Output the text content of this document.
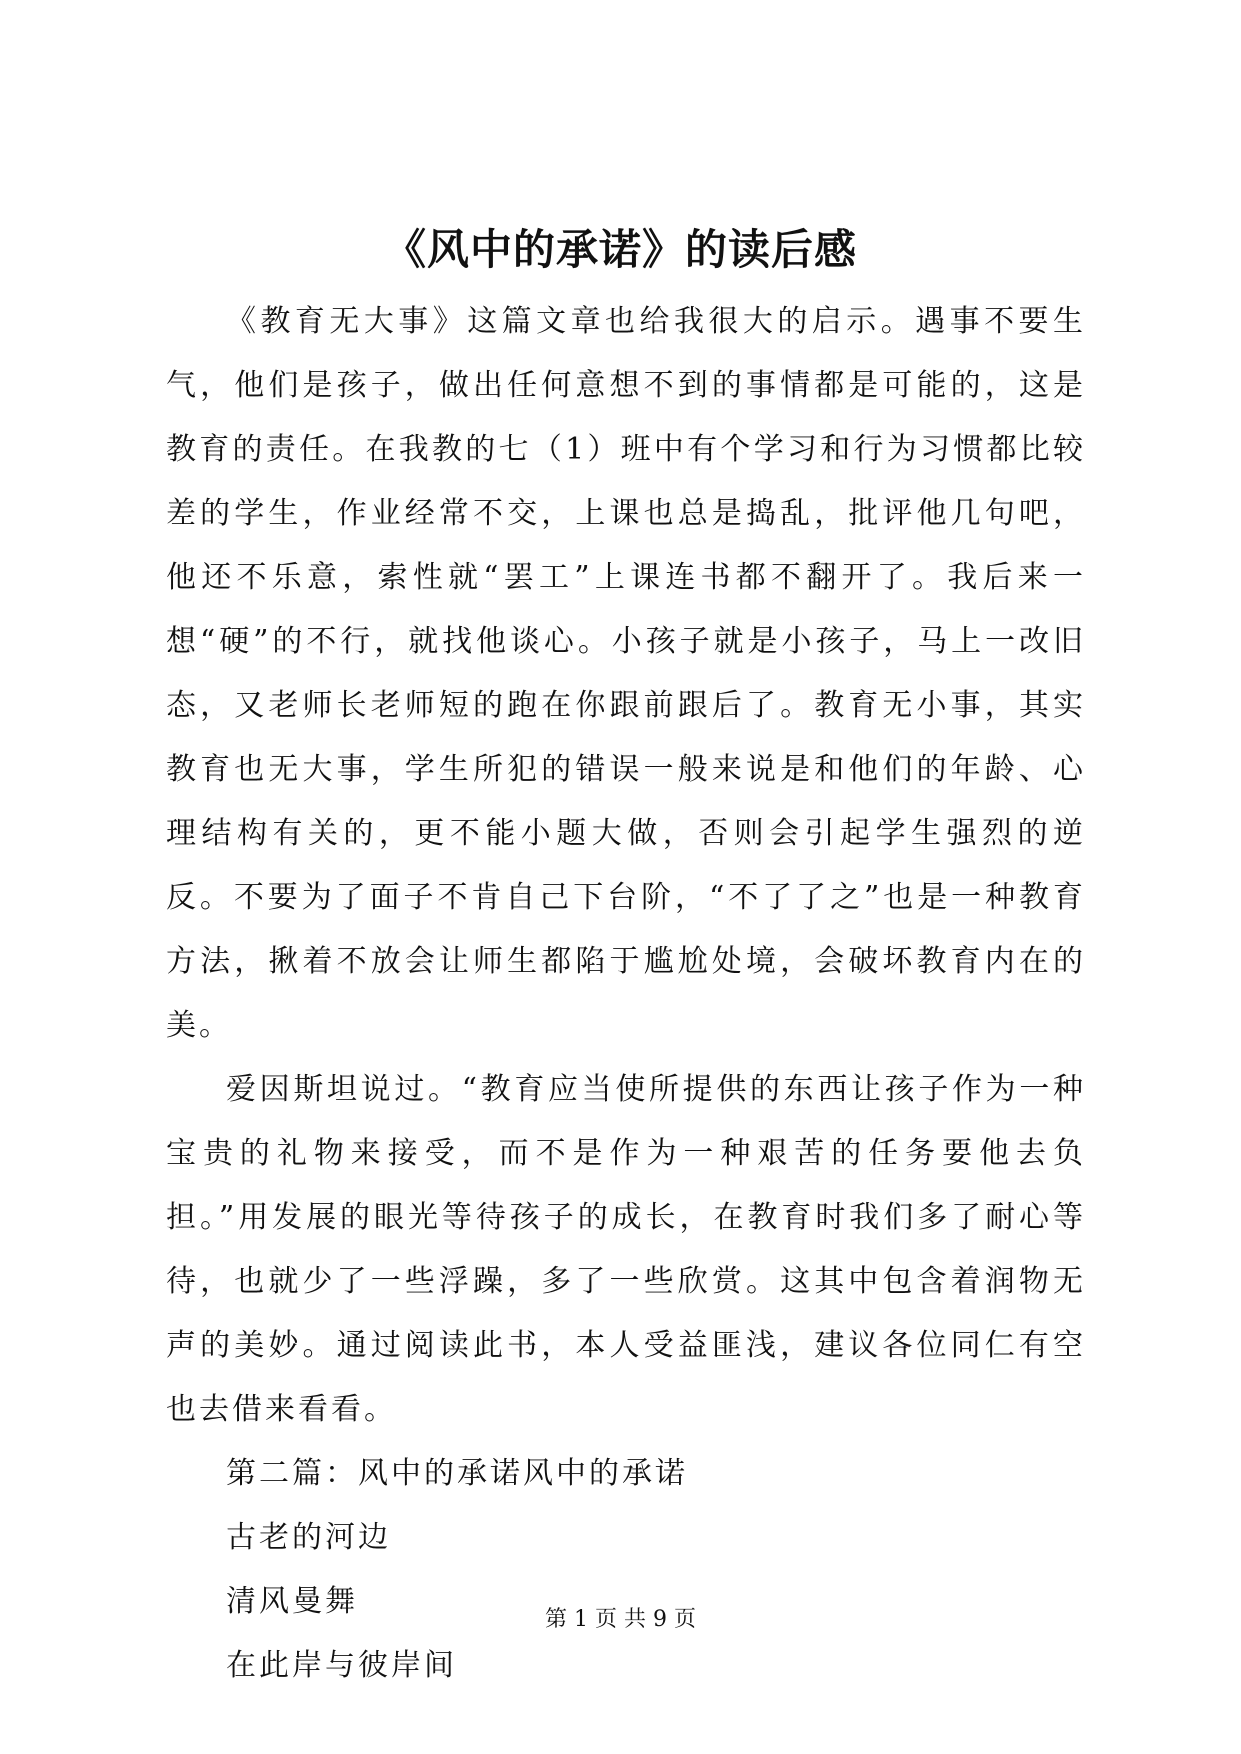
《风中的承诺》的读后感

《教育无大事》这篇文章也给我很大的启示。遇事不要生气，他们是孩子，做出任何意想不到的事情都是可能的，这是教育的责任。在我教的七（1）班中有个学习和行为习惯都比较差的学生，作业经常不交，上课也总是捣乱，批评他几句吧，他还不乐意，索性就“罢工”上课连书都不翻开了。我后来一想“硬”的不行，就找他谈心。小孩子就是小孩子，马上一改旧态，又老师长老师短的跑在你跟前跟后了。教育无小事，其实教育也无大事，学生所犯的错误一般来说是和他们的年龄、心理结构有关的，更不能小题大做，否则会引起学生强烈的逆反。不要为了面子不肯自己下台阶，“不了了之”也是一种教育方法，揪着不放会让师生都陷于尴尬处境，会破坏教育内在的美。

爱因斯坦说过。“教育应当使所提供的东西让孩子作为一种宝贵的礼物来接受，而不是作为一种艰苦的任务要他去负担。”用发展的眼光等待孩子的成长，在教育时我们多了耐心等待，也就少了一些浮躁，多了一些欣赏。这其中包含着润物无声的美妙。通过阅读此书，本人受益匪浅，建议各位同仁有空也去借来看看。

第二篇：风中的承诺风中的承诺

古老的河边

清风曼舞

在此岸与彼岸间

第 1 页 共 9 页
